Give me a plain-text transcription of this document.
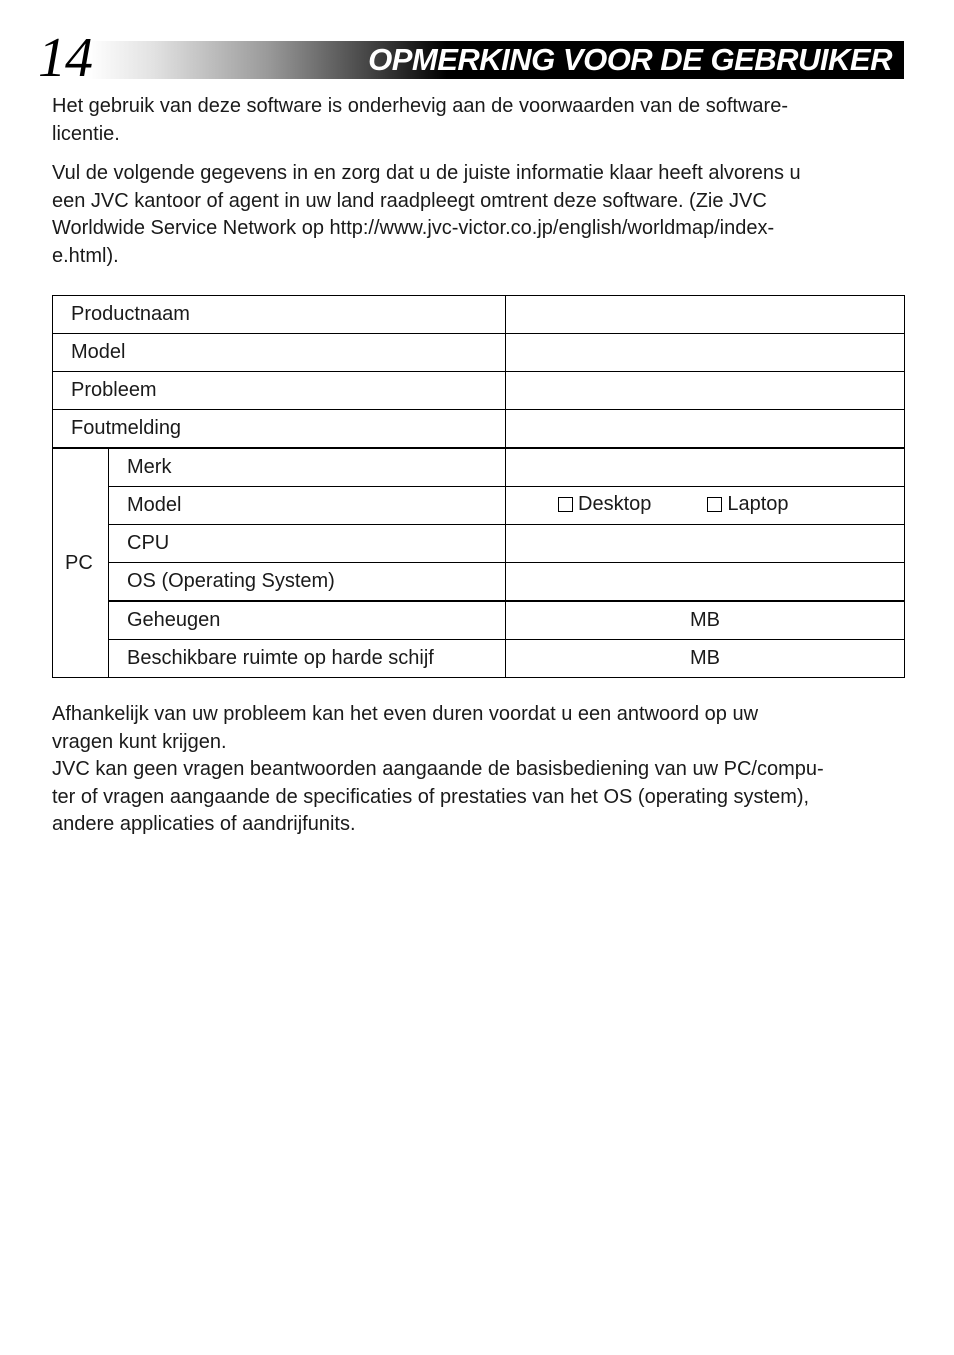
14	OPMERKING VOOR DE GEBRUIKER

Het gebruik van deze software is onderhevig aan de voorwaarden van de software-
licentie.

Vul de volgende gegevens in en zorg dat u de juiste informatie klaar heeft alvorens u
een JVC kantoor of agent in uw land raadpleegt omtrent deze software. (Zie JVC
Worldwide Service Network op http://www.jvc-victor.co.jp/english/worldmap/index-
e.html).

Productnaam		
Model		
Probleem		
Foutmelding		
PC	Merk	
	Model	Desktop Laptop

	CPU	
	OS (Operating System)	
	Geheugen	MB
	Beschikbare ruimte op harde schijf	MB

Afhankelijk van uw probleem kan het even duren voordat u een antwoord op uw
vragen kunt krijgen.

JVC kan geen vragen beantwoorden aangaande de basisbediening van uw PC/compu-
ter of vragen aangaande de specificaties of prestaties van het OS (operating system),
andere applicaties of aandrijfunits.
